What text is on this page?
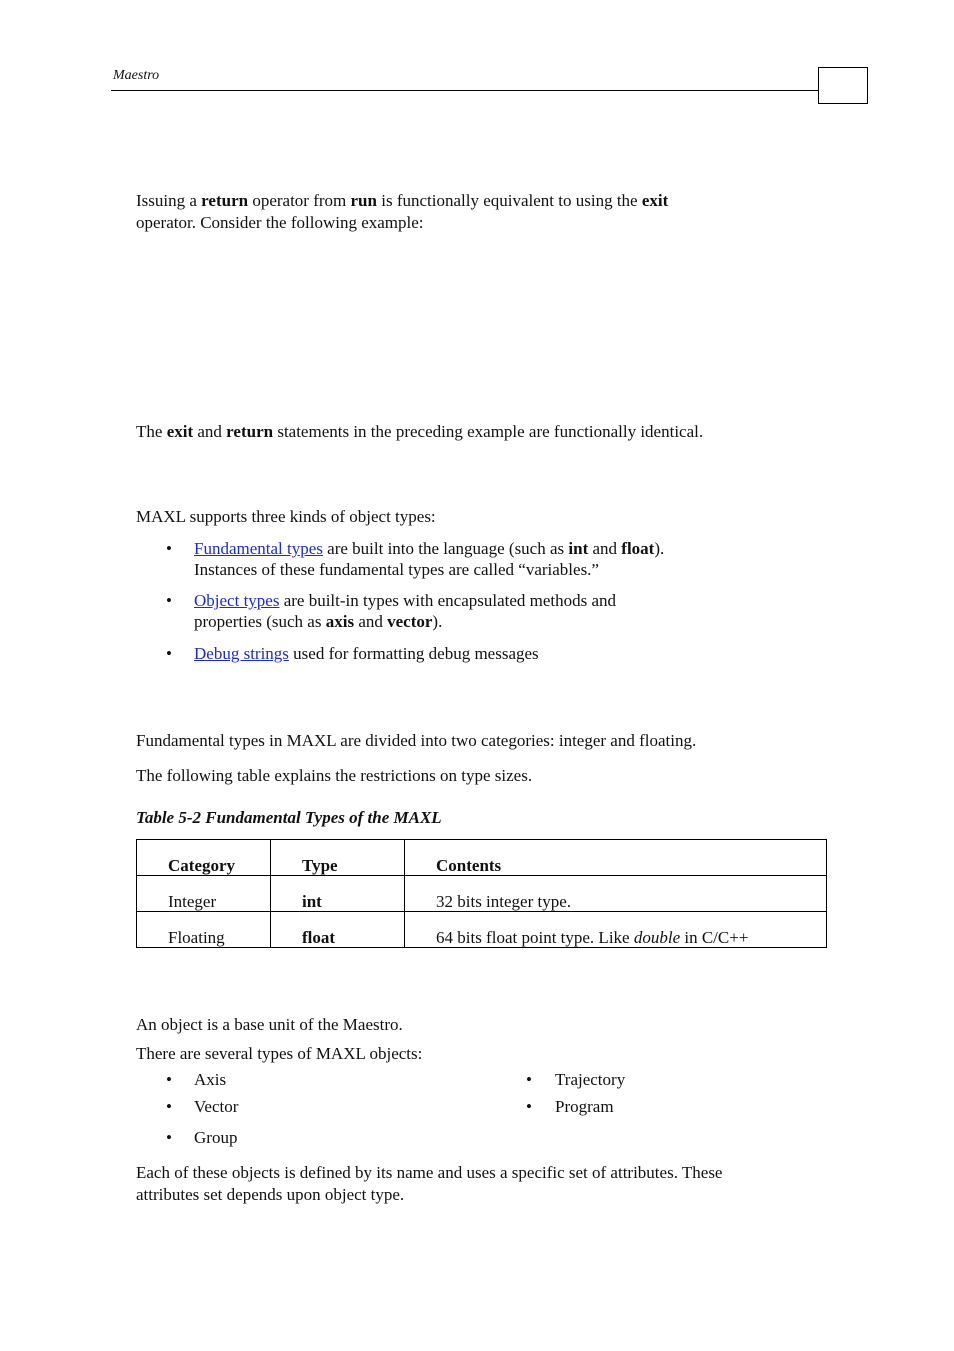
Maestro
Issuing a return operator from run is functionally equivalent to using the exit
operator. Consider the following example:
The exit and return statements in the preceding example are functionally identical.
MAXL supports three kinds of object types:
• Fundamental types are built into the language (such as int and float).
Instances of these fundamental types are called “variables.”
• Object types are built-in types with encapsulated methods and
properties (such as axis and vector).
• Debug strings used for formatting debug messages
Fundamental types in MAXL are divided into two categories: integer and floating.
The following table explains the restrictions on type sizes.
Table 5-2 Fundamental Types of the MAXL
Category	Type	Contents
Integer	int	32 bits integer type.
Floating	float	64 bits float point type. Like double in C/C++
An object is a base unit of the Maestro.
There are several types of MAXL objects:
• Axis
• Vector
• Group
• Trajectory
• Program
Each of these objects is defined by its name and uses a specific set of attributes. These
attributes set depends upon object type.
